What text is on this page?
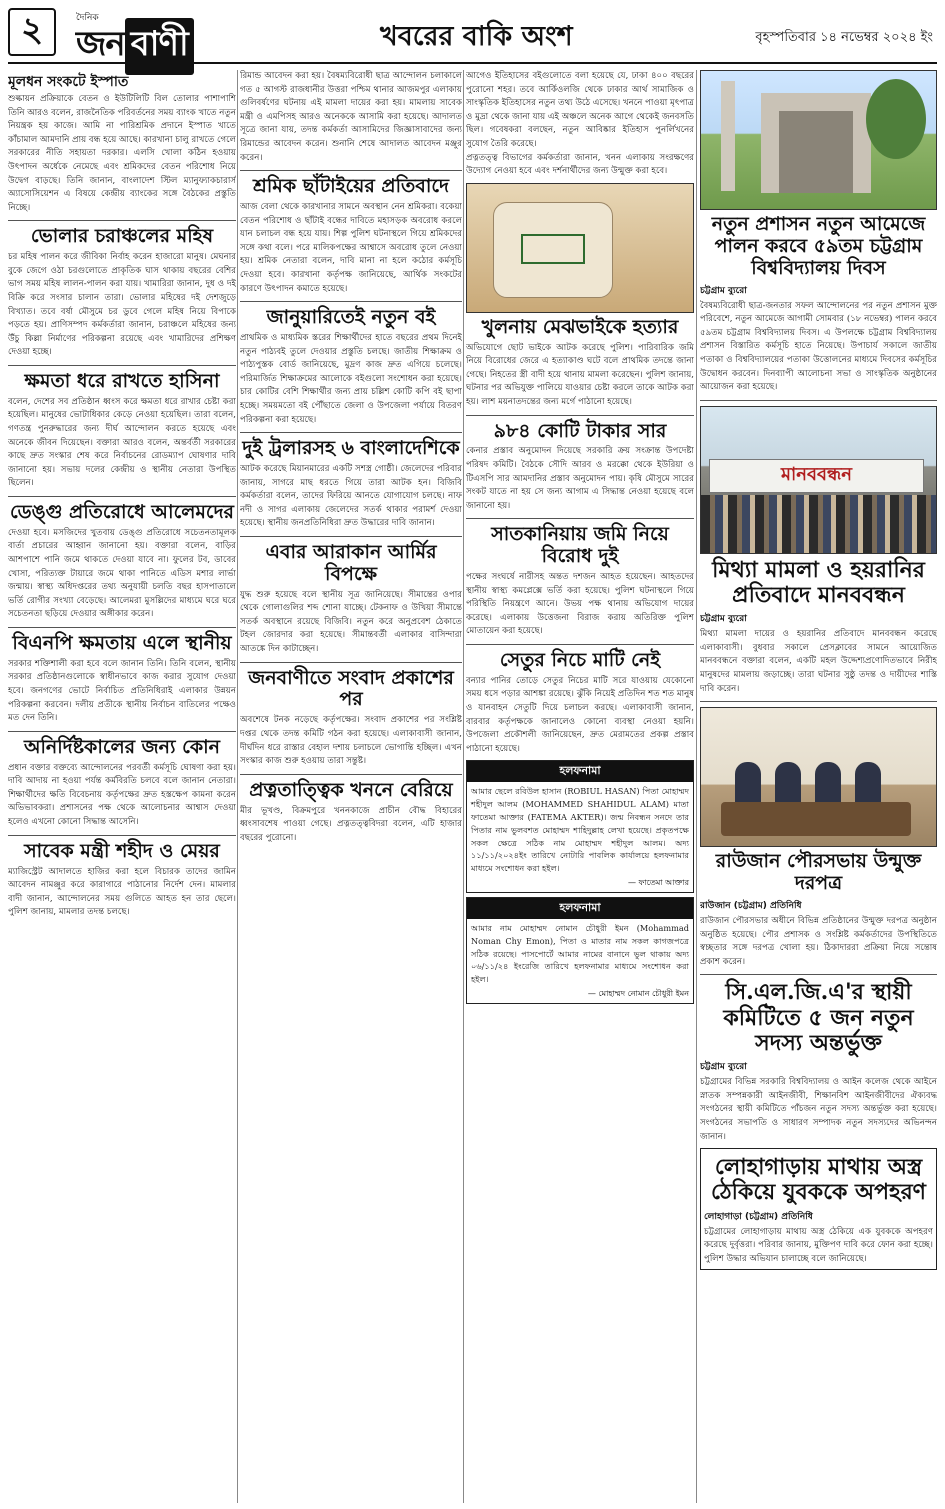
২	দৈনিক
জন বাণী	খবরের বাকি অংশ	বৃহস্পতিবার ১৪ নভেম্বর ২০২৪ ইং
মূলধন সংকটে ইস্পাত
শুল্কায়ন প্রক্রিয়াকে বেতন ও ইউটিলিটি বিল তোলার পাশাপাশি তিনি আরও বলেন, রাজনৈতিক পরিবর্তনের সময় ব্যাংক খাতে নতুন নিয়ন্ত্রক হয় কাজে। আমি না পারিশ্রমিক প্রদানে ইস্পাত খাতে কাঁচামাল আমদানি প্রায় বন্ধ হয়ে আছে। কারখানা চালু রাখতে গেলে সরকারের নীতি সহায়তা দরকার। এলসি খোলা কঠিন হওয়ায় উৎপাদন অর্ধেকে নেমেছে এবং শ্রমিকদের বেতন পরিশোধ নিয়ে উদ্বেগ বাড়ছে। তিনি জানান, বাংলাদেশ স্টিল ম্যানুফ্যাকচারার্স অ্যাসোসিয়েশন এ বিষয়ে কেন্দ্রীয় ব্যাংকের সঙ্গে বৈঠকের প্রস্তুতি নিচ্ছে।
ভোলার চরাঞ্চলের মহিষ
চর মহিষ পালন করে জীবিকা নির্বাহ করেন হাজারো মানুষ। মেঘনার বুকে জেগে ওঠা চরগুলোতে প্রাকৃতিক ঘাস থাকায় বছরের বেশির ভাগ সময় মহিষ লালন-পালন করা যায়। খামারিরা জানান, দুধ ও দই বিক্রি করে সংসার চালান তারা। ভোলার মহিষের দই দেশজুড়ে বিখ্যাত। তবে বর্ষা মৌসুমে চর ডুবে গেলে মহিষ নিয়ে বিপাকে পড়তে হয়। প্রাণিসম্পদ কর্মকর্তারা জানান, চরাঞ্চলে মহিষের জন্য উঁচু কিল্লা নির্মাণের পরিকল্পনা রয়েছে এবং খামারিদের প্রশিক্ষণ দেওয়া হচ্ছে।
ক্ষমতা ধরে রাখতে হাসিনা
বলেন, দেশের সব প্রতিষ্ঠান ধ্বংস করে ক্ষমতা ধরে রাখার চেষ্টা করা হয়েছিল। মানুষের ভোটাধিকার কেড়ে নেওয়া হয়েছিল। তারা বলেন, গণতন্ত্র পুনরুদ্ধারের জন্য দীর্ঘ আন্দোলন করতে হয়েছে এবং অনেকে জীবন দিয়েছেন। বক্তারা আরও বলেন, অন্তর্বর্তী সরকারের কাছে দ্রুত সংস্কার শেষ করে নির্বাচনের রোডম্যাপ ঘোষণার দাবি জানানো হয়। সভায় দলের কেন্দ্রীয় ও স্থানীয় নেতারা উপস্থিত ছিলেন।
ডেঙ্গু প্রতিরোধে আলেমদের
দেওয়া হবে। মসজিদের খুতবায় ডেঙ্গু প্রতিরোধে সচেতনতামূলক বার্তা প্রচারের আহ্বান জানানো হয়। বক্তারা বলেন, বাড়ির আশপাশে পানি জমে থাকতে দেওয়া যাবে না। ফুলের টব, ডাবের খোসা, পরিত্যক্ত টায়ারে জমে থাকা পানিতে এডিস মশার লার্ভা জন্মায়। স্বাস্থ্য অধিদপ্তরের তথ্য অনুযায়ী চলতি বছর হাসপাতালে ভর্তি রোগীর সংখ্যা বেড়েছে। আলেমরা মুসল্লিদের মাধ্যমে ঘরে ঘরে সচেতনতা ছড়িয়ে দেওয়ার অঙ্গীকার করেন।
বিএনপি ক্ষমতায় এলে স্থানীয়
সরকার শক্তিশালী করা হবে বলে জানান তিনি। তিনি বলেন, স্থানীয় সরকার প্রতিষ্ঠানগুলোকে স্বাধীনভাবে কাজ করার সুযোগ দেওয়া হবে। জনগণের ভোটে নির্বাচিত প্রতিনিধিরাই এলাকার উন্নয়ন পরিকল্পনা করবেন। দলীয় প্রতীকে স্থানীয় নির্বাচন বাতিলের পক্ষেও মত দেন তিনি।
অনির্দিষ্টকালের জন্য কোন
প্রধান বক্তার বক্তব্যে আন্দোলনের পরবর্তী কর্মসূচি ঘোষণা করা হয়। দাবি আদায় না হওয়া পর্যন্ত কর্মবিরতি চলবে বলে জানান নেতারা। শিক্ষার্থীদের ক্ষতি বিবেচনায় কর্তৃপক্ষের দ্রুত হস্তক্ষেপ কামনা করেন অভিভাবকরা। প্রশাসনের পক্ষ থেকে আলোচনার আশ্বাস দেওয়া হলেও এখনো কোনো সিদ্ধান্ত আসেনি।
সাবেক মন্ত্রী শহীদ ও মেয়র
ম্যাজিস্ট্রেট আদালতে হাজির করা হলে বিচারক তাদের জামিন আবেদন নামঞ্জুর করে কারাগারে পাঠানোর নির্দেশ দেন। মামলার বাদী জানান, আন্দোলনের সময় গুলিতে আহত হন তার ছেলে। পুলিশ জানায়, মামলার তদন্ত চলছে।
রিমান্ড আবেদন করা হয়। বৈষম্যবিরোধী ছাত্র আন্দোলন চলাকালে গত ৫ আগস্ট রাজধানীর উত্তরা পশ্চিম থানার আজমপুর এলাকায় গুলিবর্ষণের ঘটনায় এই মামলা দায়ের করা হয়। মামলায় সাবেক মন্ত্রী ও এমপিসহ আরও অনেককে আসামি করা হয়েছে। আদালত সূত্রে জানা যায়, তদন্ত কর্মকর্তা আসামিদের জিজ্ঞাসাবাদের জন্য রিমান্ডের আবেদন করেন। শুনানি শেষে আদালত আবেদন মঞ্জুর করেন।
শ্রমিক ছাঁটাইয়ের প্রতিবাদে
আজ বেলা থেকে কারখানার সামনে অবস্থান নেন শ্রমিকরা। বকেয়া বেতন পরিশোধ ও ছাঁটাই বন্ধের দাবিতে মহাসড়ক অবরোধ করলে যান চলাচল বন্ধ হয়ে যায়। শিল্প পুলিশ ঘটনাস্থলে গিয়ে শ্রমিকদের সঙ্গে কথা বলে। পরে মালিকপক্ষের আশ্বাসে অবরোধ তুলে নেওয়া হয়। শ্রমিক নেতারা বলেন, দাবি মানা না হলে কঠোর কর্মসূচি দেওয়া হবে। কারখানা কর্তৃপক্ষ জানিয়েছে, আর্থিক সংকটের কারণে উৎপাদন কমাতে হয়েছে।
জানুয়ারিতেই নতুন বই
প্রাথমিক ও মাধ্যমিক স্তরের শিক্ষার্থীদের হাতে বছরের প্রথম দিনেই নতুন পাঠ্যবই তুলে দেওয়ার প্রস্তুতি চলছে। জাতীয় শিক্ষাক্রম ও পাঠ্যপুস্তক বোর্ড জানিয়েছে, মুদ্রণ কাজ দ্রুত এগিয়ে চলেছে। পরিমার্জিত শিক্ষাক্রমের আলোকে বইগুলো সংশোধন করা হয়েছে। চার কোটির বেশি শিক্ষার্থীর জন্য প্রায় চল্লিশ কোটি কপি বই ছাপা হচ্ছে। সময়মতো বই পৌঁছাতে জেলা ও উপজেলা পর্যায়ে বিতরণ পরিকল্পনা করা হয়েছে।
দুই ট্রলারসহ ৬ বাংলাদেশিকে
আটক করেছে মিয়ানমারের একটি সশস্ত্র গোষ্ঠী। জেলেদের পরিবার জানায়, সাগরে মাছ ধরতে গিয়ে তারা আটক হন। বিজিবি কর্মকর্তারা বলেন, তাদের ফিরিয়ে আনতে যোগাযোগ চলছে। নাফ নদী ও সাগর এলাকায় জেলেদের সতর্ক থাকার পরামর্শ দেওয়া হয়েছে। স্থানীয় জনপ্রতিনিধিরা দ্রুত উদ্ধারের দাবি জানান।
এবার আরাকান আর্মির বিপক্ষে
যুদ্ধ শুরু হয়েছে বলে স্থানীয় সূত্র জানিয়েছে। সীমান্তের ওপার থেকে গোলাগুলির শব্দ শোনা যাচ্ছে। টেকনাফ ও উখিয়া সীমান্তে সতর্ক অবস্থানে রয়েছে বিজিবি। নতুন করে অনুপ্রবেশ ঠেকাতে টহল জোরদার করা হয়েছে। সীমান্তবর্তী এলাকার বাসিন্দারা আতঙ্কে দিন কাটাচ্ছেন।
জনবাণীতে সংবাদ প্রকাশের পর
অবশেষে টনক নড়েছে কর্তৃপক্ষের। সংবাদ প্রকাশের পর সংশ্লিষ্ট দপ্তর থেকে তদন্ত কমিটি গঠন করা হয়েছে। এলাকাবাসী জানান, দীর্ঘদিন ধরে রাস্তার বেহাল দশায় চলাচলে ভোগান্তি হচ্ছিল। এখন সংস্কার কাজ শুরু হওয়ায় তারা সন্তুষ্ট।
প্রত্নতাত্ত্বিক খননে বেরিয়ে
মীর ভূখণ্ড, বিক্রমপুরে খননকাজে প্রাচীন বৌদ্ধ বিহারের ধ্বংসাবশেষ পাওয়া গেছে। প্রত্নতত্ত্ববিদরা বলেন, এটি হাজার বছরের পুরোনো।
আগেও ইতিহাসের বইগুলোতে বলা হয়েছে যে, ঢাকা ৪০০ বছরের পুরোনো শহর। তবে আর্কিওলজি থেকে ঢাকার আর্থ সামাজিক ও সাংস্কৃতিক ইতিহাসের নতুন তথ্য উঠে এসেছে। খননে পাওয়া মৃৎপাত্র ও মুদ্রা থেকে জানা যায় এই অঞ্চলে অনেক আগে থেকেই জনবসতি ছিল। গবেষকরা বলছেন, নতুন আবিষ্কার ইতিহাস পুনর্লিখনের সুযোগ তৈরি করেছে।
প্রত্নতত্ত্ব বিভাগের কর্মকর্তারা জানান, খনন এলাকায় সংরক্ষণের উদ্যোগ নেওয়া হবে এবং দর্শনার্থীদের জন্য উন্মুক্ত করা হবে।
খুলনায় মেঝভাইকে হত্যার
অভিযোগে ছোট ভাইকে আটক করেছে পুলিশ। পারিবারিক জমি নিয়ে বিরোধের জেরে এ হত্যাকাণ্ড ঘটে বলে প্রাথমিক তদন্তে জানা গেছে। নিহতের স্ত্রী বাদী হয়ে থানায় মামলা করেছেন। পুলিশ জানায়, ঘটনার পর অভিযুক্ত পালিয়ে যাওয়ার চেষ্টা করলে তাকে আটক করা হয়। লাশ ময়নাতদন্তের জন্য মর্গে পাঠানো হয়েছে।
৯৮৪ কোটি টাকার সার
কেনার প্রস্তাব অনুমোদন দিয়েছে সরকারি ক্রয় সংক্রান্ত উপদেষ্টা পরিষদ কমিটি। বৈঠকে সৌদি আরব ও মরক্কো থেকে ইউরিয়া ও টিএসপি সার আমদানির প্রস্তাব অনুমোদন পায়। কৃষি মৌসুমে সারের সংকট যাতে না হয় সে জন্য আগাম এ সিদ্ধান্ত নেওয়া হয়েছে বলে জানানো হয়।
সাতকানিয়ায় জমি নিয়ে বিরোধ দুই
পক্ষের সংঘর্ষে নারীসহ অন্তত দশজন আহত হয়েছেন। আহতদের স্থানীয় স্বাস্থ্য কমপ্লেক্সে ভর্তি করা হয়েছে। পুলিশ ঘটনাস্থলে গিয়ে পরিস্থিতি নিয়ন্ত্রণে আনে। উভয় পক্ষ থানায় অভিযোগ দায়ের করেছে। এলাকায় উত্তেজনা বিরাজ করায় অতিরিক্ত পুলিশ মোতায়েন করা হয়েছে।
সেতুর নিচে মাটি নেই
বন্যার পানির তোড়ে সেতুর নিচের মাটি সরে যাওয়ায় যেকোনো সময় ধসে পড়ার আশঙ্কা রয়েছে। ঝুঁকি নিয়েই প্রতিদিন শত শত মানুষ ও যানবাহন সেতুটি দিয়ে চলাচল করছে। এলাকাবাসী জানান, বারবার কর্তৃপক্ষকে জানালেও কোনো ব্যবস্থা নেওয়া হয়নি। উপজেলা প্রকৌশলী জানিয়েছেন, দ্রুত মেরামতের প্রকল্প প্রস্তাব পাঠানো হয়েছে।
হলফনামা
আমার ছেলে রবিউল হাসান (ROBIUL HASAN) পিতা মোহাম্মদ শহীদুল আলম (MOHAMMED SHAHIDUL ALAM) মাতা ফাতেমা আক্তার (FATEMA AKTER)। জন্ম নিবন্ধন সনদে তার পিতার নাম ভুলবশত মোহাম্মদ শাহিদুল্লাহ লেখা হয়েছে। প্রকৃতপক্ষে সকল ক্ষেত্রে সঠিক নাম মোহাম্মদ শহীদুল আলম। অদ্য ১১/১১/২০২৪ইং তারিখে নোটারি পাবলিক কার্যালয়ে হলফনামার মাধ্যমে সংশোধন করা হইল।
— ফাতেমা আক্তার
হলফনামা
আমার নাম মোহাম্মদ নোমান চৌধুরী ইমন (Mohammad Noman Chy Emon), পিতা ও মাতার নাম সকল কাগজপত্রে সঠিক রয়েছে। পাসপোর্টে আমার নামের বানানে ভুল থাকায় অদ্য ০৬/১১/২৪ ইংরেজি তারিখে হলফনামার মাধ্যমে সংশোধন করা হইল।
— মোহাম্মদ নোমান চৌধুরী ইমন
নতুন প্রশাসন নতুন আমেজে পালন করবে ৫৯তম চট্টগ্রাম বিশ্ববিদ্যালয় দিবস
চট্টগ্রাম ব্যুরো
বৈষম্যবিরোধী ছাত্র-জনতার সফল আন্দোলনের পর নতুন প্রশাসন মুক্ত পরিবেশে, নতুন আমেজে আগামী সোমবার (১৮ নভেম্বর) পালন করবে ৫৯তম চট্টগ্রাম বিশ্ববিদ্যালয় দিবস। এ উপলক্ষে চট্টগ্রাম বিশ্ববিদ্যালয় প্রশাসন বিস্তারিত কর্মসূচি হাতে নিয়েছে। উপাচার্য সকালে জাতীয় পতাকা ও বিশ্ববিদ্যালয়ের পতাকা উত্তোলনের মাধ্যমে দিবসের কর্মসূচির উদ্বোধন করবেন। দিনব্যাপী আলোচনা সভা ও সাংস্কৃতিক অনুষ্ঠানের আয়োজন করা হয়েছে।
মানববন্ধন
মিথ্যা মামলা ও হয়রানির প্রতিবাদে মানববন্ধন
চট্টগ্রাম ব্যুরো
মিথ্যা মামলা দায়ের ও হয়রানির প্রতিবাদে মানববন্ধন করেছে এলাকাবাসী। বুধবার সকালে প্রেসক্লাবের সামনে আয়োজিত মানববন্ধনে বক্তারা বলেন, একটি মহল উদ্দেশ্যপ্রণোদিতভাবে নিরীহ মানুষদের মামলায় জড়াচ্ছে। তারা ঘটনার সুষ্ঠু তদন্ত ও দায়ীদের শাস্তি দাবি করেন।
রাউজান পৌরসভায় উন্মুক্ত দরপত্র
রাউজান (চট্টগ্রাম) প্রতিনিধি
রাউজান পৌরসভার অধীনে বিভিন্ন প্রতিষ্ঠানের উন্মুক্ত দরপত্র অনুষ্ঠান অনুষ্ঠিত হয়েছে। পৌর প্রশাসক ও সংশ্লিষ্ট কর্মকর্তাদের উপস্থিতিতে স্বচ্ছতার সঙ্গে দরপত্র খোলা হয়। ঠিকাদাররা প্রক্রিয়া নিয়ে সন্তোষ প্রকাশ করেন।
সি.এল.জি.এ'র স্থায়ী কমিটিতে ৫ জন নতুন সদস্য অন্তর্ভুক্ত
চট্টগ্রাম ব্যুরো
চট্টগ্রামের বিভিন্ন সরকারি বিশ্ববিদ্যালয় ও আইন কলেজ থেকে আইনে স্নাতক সম্পন্নকারী আইনজীবী, শিক্ষানবিশ আইনজীবীদের ঐক্যবদ্ধ সংগঠনের স্থায়ী কমিটিতে পাঁচজন নতুন সদস্য অন্তর্ভুক্ত করা হয়েছে। সংগঠনের সভাপতি ও সাধারণ সম্পাদক নতুন সদস্যদের অভিনন্দন জানান।
লোহাগাড়ায় মাথায় অস্ত্র ঠেকিয়ে যুবককে অপহরণ
লোহাগাড়া (চট্টগ্রাম) প্রতিনিধি
চট্টগ্রামের লোহাগাড়ায় মাথায় অস্ত্র ঠেকিয়ে এক যুবককে অপহরণ করেছে দুর্বৃত্তরা। পরিবার জানায়, মুক্তিপণ দাবি করে ফোন করা হচ্ছে। পুলিশ উদ্ধার অভিযান চালাচ্ছে বলে জানিয়েছে।
